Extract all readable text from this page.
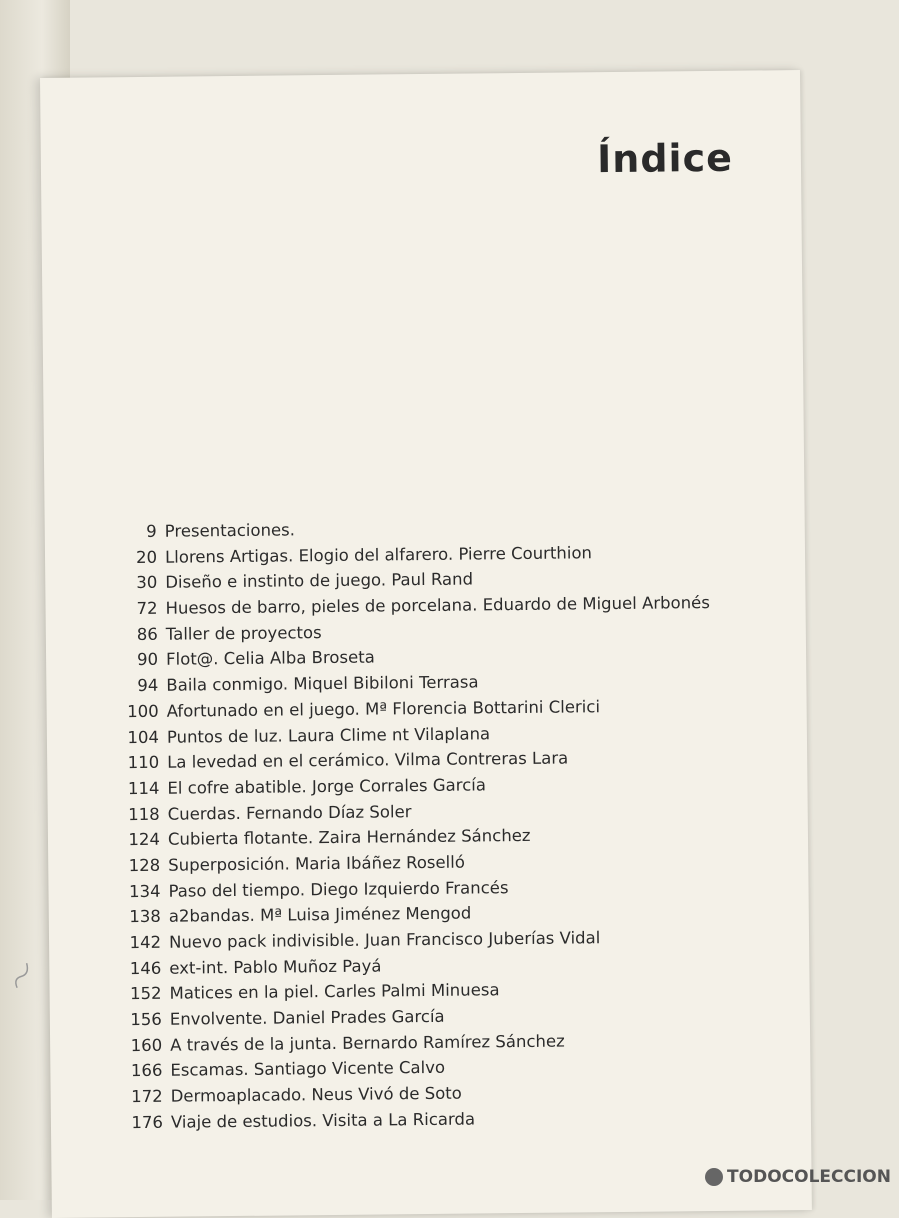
Índice
9 Presentaciones.
20 Llorens Artigas. Elogio del alfarero. Pierre Courthion
30 Diseño e instinto de juego. Paul Rand
72 Huesos de barro, pieles de porcelana. Eduardo de Miguel Arbonés
86 Taller de proyectos
90 Flot@. Celia Alba Broseta
94 Baila conmigo. Miquel Bibiloni Terrasa
100 Afortunado en el juego. Mª Florencia Bottarini Clerici
104 Puntos de luz. Laura Clime nt Vilaplana
110 La levedad en el cerámico. Vilma Contreras Lara
114 El cofre abatible. Jorge Corrales García
118 Cuerdas. Fernando Díaz Soler
124 Cubierta flotante. Zaira Hernández Sánchez
128 Superposición. Maria Ibáñez Roselló
134 Paso del tiempo. Diego Izquierdo Francés
138 a2bandas. Mª Luisa Jiménez Mengod
142 Nuevo pack indivisible. Juan Francisco Juberías Vidal
146 ext-int. Pablo Muñoz Payá
152 Matices en la piel. Carles Palmi Minuesa
156 Envolvente. Daniel Prades García
160 A través de la junta. Bernardo Ramírez Sánchez
166 Escamas. Santiago Vicente Calvo
172 Dermoaplacado. Neus Vivó de Soto
176 Viaje de estudios. Visita a La Ricarda
TODOCOLECCION
